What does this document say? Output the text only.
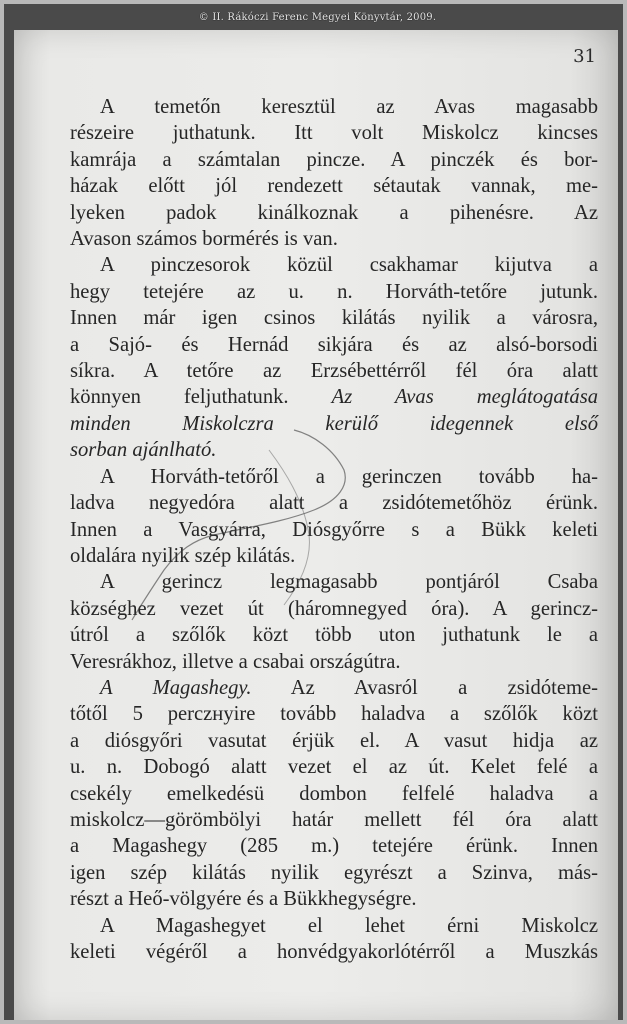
© II. Rákóczi Ferenc Megyei Könyvtár, 2009.
31
A temetőn keresztül az Avas magasabb
részeire juthatunk. Itt volt Miskolcz kincses
kamrája a számtalan pincze. A pinczék és bor-
házak előtt jól rendezett sétautak vannak, me-
lyeken padok kinálkoznak a pihenésre. Az
Avason számos bormérés is van.
A pinczesorok közül csakhamar kijutva a
hegy tetejére az u. n. Horváth-tetőre jutunk.
Innen már igen csinos kilátás nyilik a városra,
a Sajó- és Hernád sikjára és az alsó-borsodi
síkra. A tetőre az Erzsébettérről fél óra alatt
könnyen feljuthatunk. Az Avas meglátogatása
minden Miskolczra kerülő idegennek első
sorban ajánlható.
A Horváth-tetőről a gerinczen tovább ha-
ladva negyedóra alatt a zsidótemetőhöz érünk.
Innen a Vasgyárra, Diósgyőrre s a Bükk keleti
oldalára nyilik szép kilátás.
A gerincz legmagasabb pontjáról Csaba
községhez vezet út (háromnegyed óra). A gerincz-
útról a szőlők közt több uton juthatunk le a
Veresrákhoz, illetve a csabai országútra.
A Magashegy. Az Avasról a zsidóteme-
tőtől 5 perczнyire tovább haladva a szőlők közt
a diósgyőri vasutat érjük el. A vasut hidja az
u. n. Dobogó alatt vezet el az út. Kelet felé a
csekély emelkedésü dombon felfelé haladva a
miskolcz—görömbölyi határ mellett fél óra alatt
a Magashegy (285 m.) tetejére érünk. Innen
igen szép kilátás nyilik egyrészt a Szinva, más-
részt a Heő-völgyére és a Bükkhegységre.
A Magashegyet el lehet érni Miskolcz
keleti végéről a honvédgyakorlótérről a Muszkás
